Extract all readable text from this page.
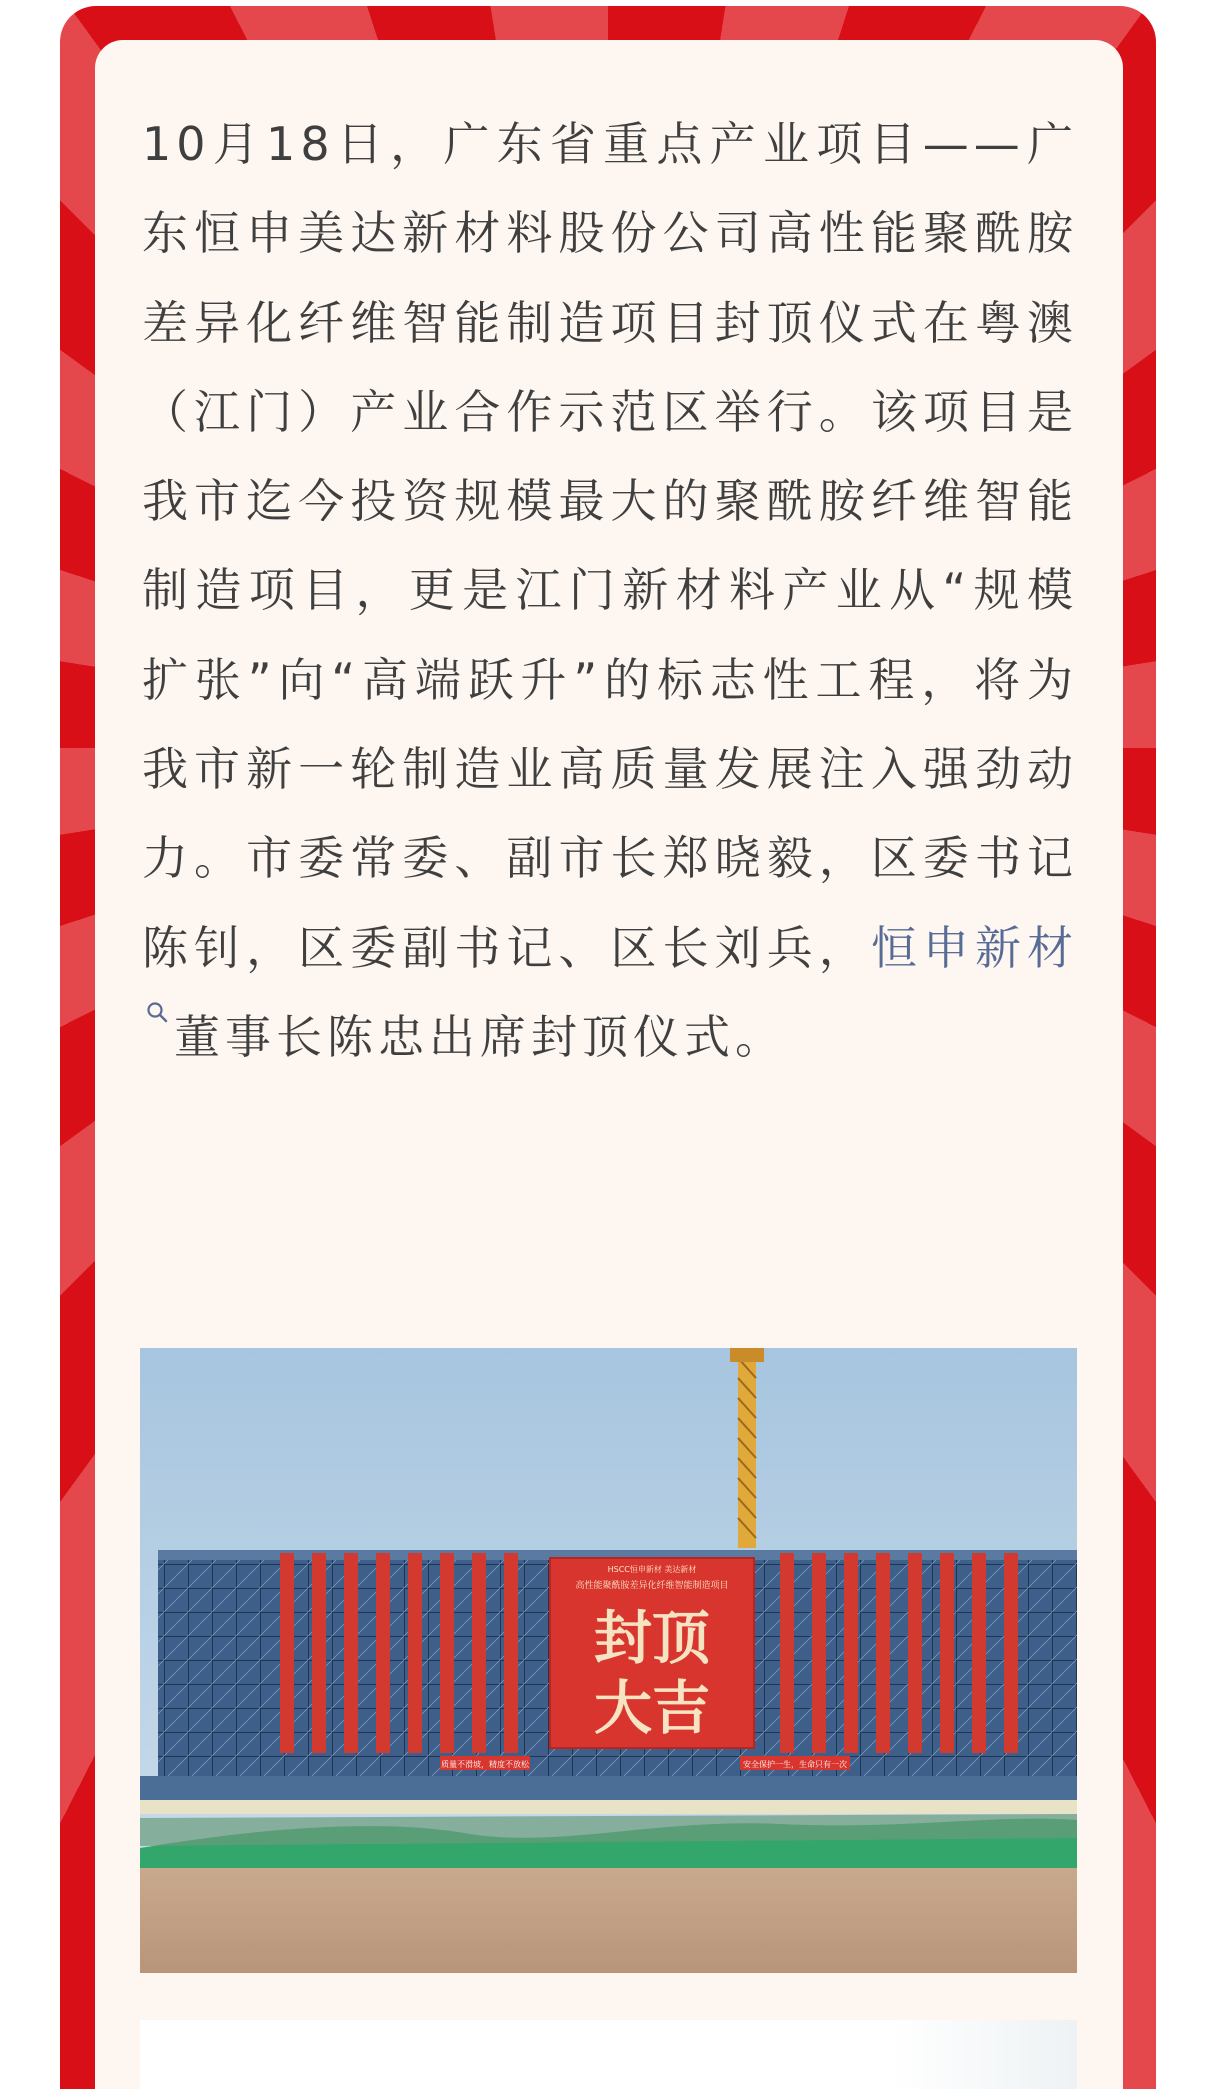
10月18日，广东省重点产业项目——广东恒申美达新材料股份公司高性能聚酰胺差异化纤维智能制造项目封顶仪式在粤澳（江门）产业合作示范区举行。该项目是我市迄今投资规模最大的聚酰胺纤维智能制造项目，更是江门新材料产业从“规模扩张”向“高端跃升”的标志性工程，将为我市新一轮制造业高质量发展注入强劲动力。市委常委、副市长郑晓毅，区委书记陈钊，区委副书记、区长刘兵，恒申新材董事长陈忠出席封顶仪式。

HSCC恒申新材 美达新材
高性能聚酰胺差异化纤维智能制造项目
封顶
大吉
质量不滑坡，精度不放松	安全保护一生，生命只有一次
